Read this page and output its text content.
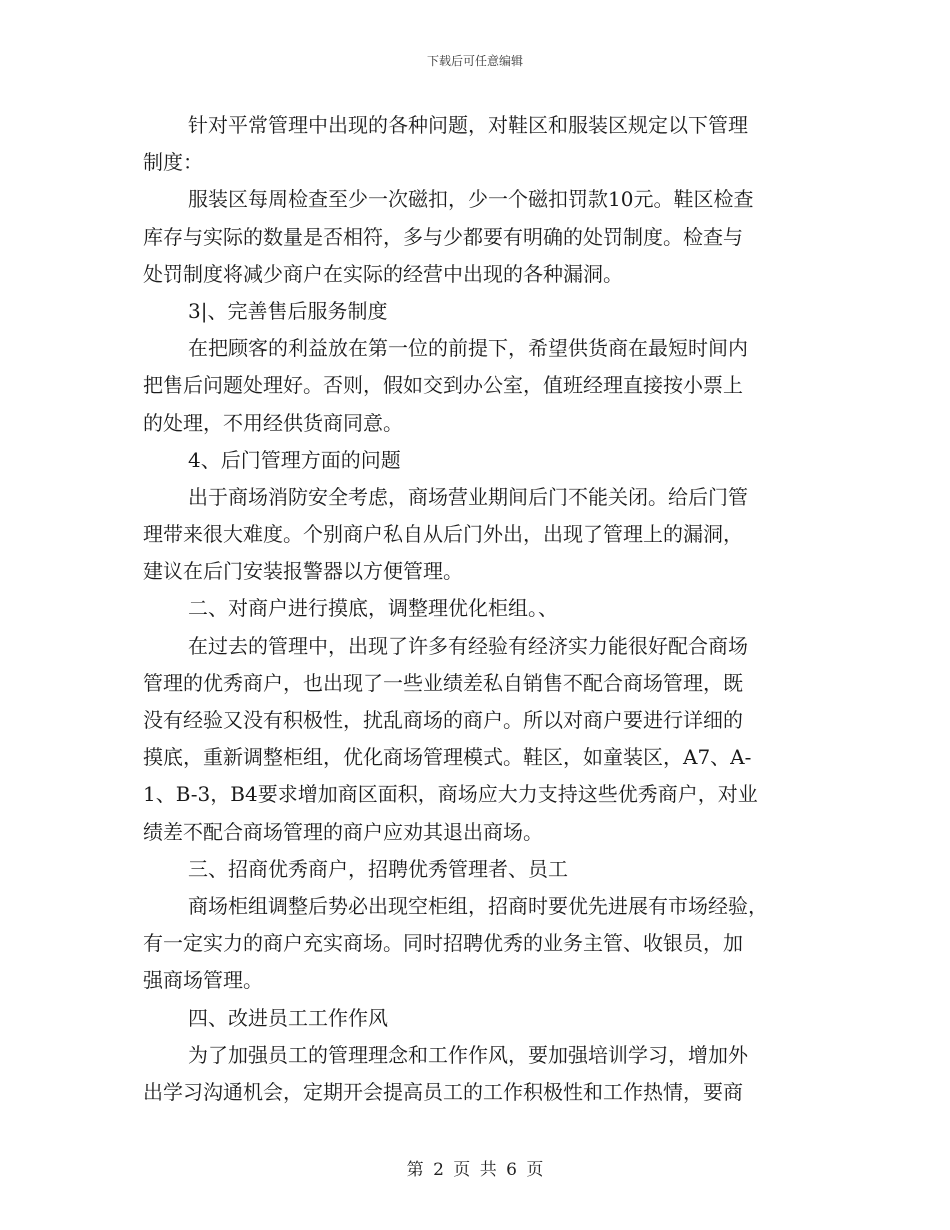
下载后可任意编辑
针对平常管理中出现的各种问题，对鞋区和服装区规定以下管理
制度：
服装区每周检查至少一次磁扣，少一个磁扣罚款10元。鞋区检查
库存与实际的数量是否相符，多与少都要有明确的处罚制度。检查与
处罚制度将减少商户在实际的经营中出现的各种漏洞。
3|、完善售后服务制度
在把顾客的利益放在第一位的前提下，希望供货商在最短时间内
把售后问题处理好。否则，假如交到办公室，值班经理直接按小票上
的处理，不用经供货商同意。
4、后门管理方面的问题
出于商场消防安全考虑，商场营业期间后门不能关闭。给后门管
理带来很大难度。个别商户私自从后门外出，出现了管理上的漏洞，
建议在后门安装报警器以方便管理。
二、对商户进行摸底，调整理优化柜组。、
在过去的管理中，出现了许多有经验有经济实力能很好配合商场
管理的优秀商户，也出现了一些业绩差私自销售不配合商场管理，既
没有经验又没有积极性，扰乱商场的商户。所以对商户要进行详细的
摸底，重新调整柜组，优化商场管理模式。鞋区，如童装区，A7、A-
1、B-3，B4要求增加商区面积，商场应大力支持这些优秀商户，对业
绩差不配合商场管理的商户应劝其退出商场。
三、招商优秀商户，招聘优秀管理者、员工
商场柜组调整后势必出现空柜组，招商时要优先进展有市场经验，
有一定实力的商户充实商场。同时招聘优秀的业务主管、收银员，加
强商场管理。
四、改进员工工作作风
为了加强员工的管理理念和工作作风，要加强培训学习，增加外
出学习沟通机会，定期开会提高员工的工作积极性和工作热情，要商
第 2 页 共 6 页
